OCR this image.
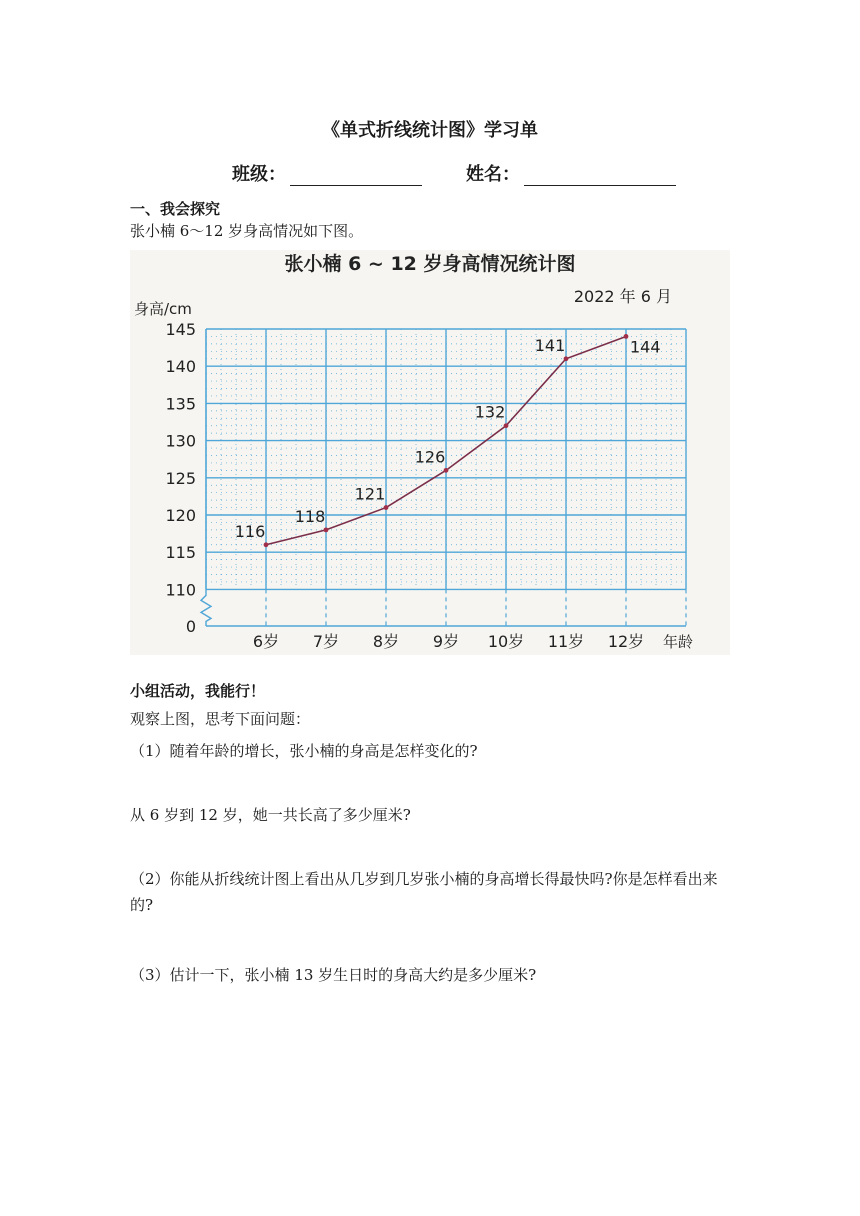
《单式折线统计图》学习单
班级：	姓名：
一、我会探究
张小楠 6～12 岁身高情况如下图。
张小楠 6 ~ 12 岁身高情况统计图
2022 年 6 月
身高/cm
0
110
115
120
125
130
135
140
145
6岁 7岁 8岁 9岁 10岁 11岁 12岁 年龄
116
118
121
126
132
141	144
小组活动，我能行！
观察上图，思考下面问题：
（1）随着年龄的增长，张小楠的身高是怎样变化的?
从 6 岁到 12 岁，她一共长高了多少厘米?
（2）你能从折线统计图上看出从几岁到几岁张小楠的身高增长得最快吗?你是怎样看出来的?
（3）估计一下，张小楠 13 岁生日时的身高大约是多少厘米?
